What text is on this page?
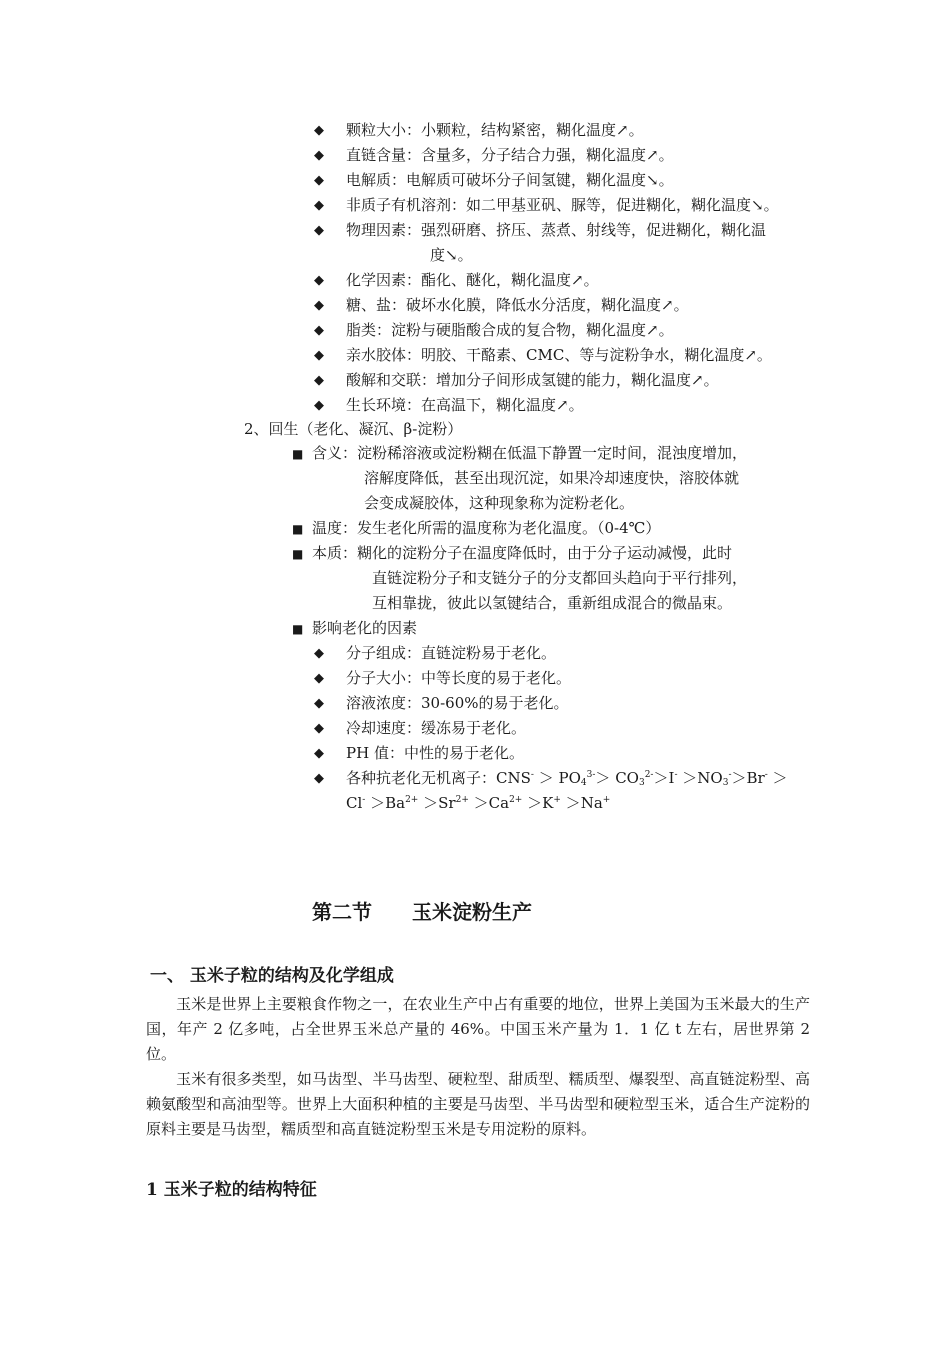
◆ 颗粒大小：小颗粒，结构紧密，糊化温度↗。
◆ 直链含量：含量多，分子结合力强，糊化温度↗。
◆ 电解质：电解质可破坏分子间氢键，糊化温度↘。
◆ 非质子有机溶剂：如二甲基亚矾、脲等，促进糊化，糊化温度↘。
◆ 物理因素：强烈研磨、挤压、蒸煮、射线等，促进糊化，糊化温
度↘。
◆ 化学因素：酯化、醚化，糊化温度↗。
◆ 糖、盐：破坏水化膜，降低水分活度，糊化温度↗。
◆ 脂类：淀粉与硬脂酸合成的复合物，糊化温度↗。
◆ 亲水胶体：明胶、干酪素、CMC、等与淀粉争水，糊化温度↗。
◆ 酸解和交联：增加分子间形成氢键的能力，糊化温度↗。
◆ 生长环境：在高温下，糊化温度↗。
2、回生（老化、凝沉、β-淀粉）
■ 含义：淀粉稀溶液或淀粉糊在低温下静置一定时间，混浊度增加，
溶解度降低，甚至出现沉淀，如果冷却速度快，溶胶体就
会变成凝胶体，这种现象称为淀粉老化。
■ 温度：发生老化所需的温度称为老化温度。（0-4℃）
■ 本质：糊化的淀粉分子在温度降低时，由于分子运动减慢，此时
直链淀粉分子和支链分子的分支都回头趋向于平行排列，
互相靠拢，彼此以氢键结合，重新组成混合的微晶束。
■ 影响老化的因素
◆ 分子组成：直链淀粉易于老化。
◆ 分子大小：中等长度的易于老化。
◆ 溶液浓度：30-60%的易于老化。
◆ 冷却速度：缓冻易于老化。
◆ PH 值：中性的易于老化。
◆ 各种抗老化无机离子：$CNS^- > PO_4^{3-}> CO_3^{2-}>I^- >NO_3^->Br^-$ ＞
$Cl^- >Ba^{2+} >Sr^{2+} >Ca^{2+} >K^+ >Na^+$
第二节　　玉米淀粉生产
一、 玉米子粒的结构及化学组成
　　玉米是世界上主要粮食作物之一，在农业生产中占有重要的地位，世界上美国为玉米最大的生产国，年产 2 亿多吨，占全世界玉米总产量的 46%。中国玉米产量为 1．1 亿 t 左右，居世界第 2 位。
　　玉米有很多类型，如马齿型、半马齿型、硬粒型、甜质型、糯质型、爆裂型、高直链淀粉型、高赖氨酸型和高油型等。世界上大面积种植的主要是马齿型、半马齿型和硬粒型玉米，适合生产淀粉的原料主要是马齿型，糯质型和高直链淀粉型玉米是专用淀粉的原料。
1 玉米子粒的结构特征
